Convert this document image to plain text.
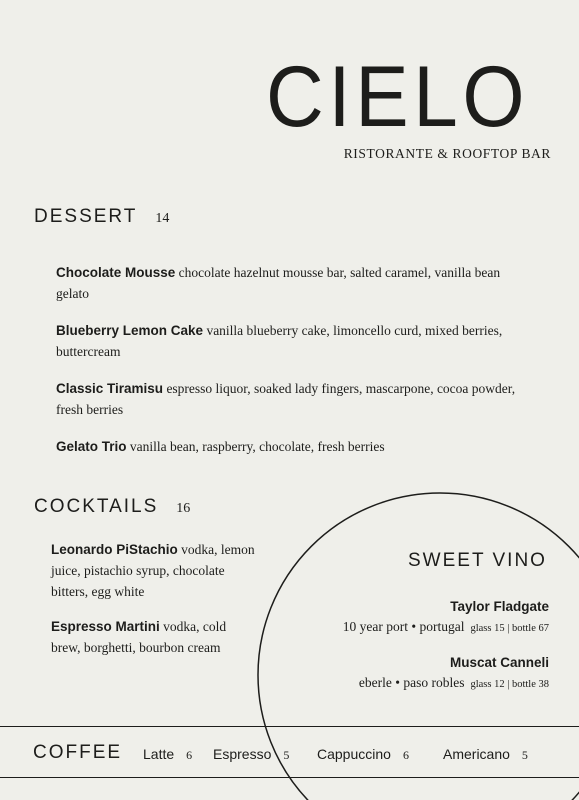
CIELO
RISTORANTE & ROOFTOP BAR
DESSERT 14
Chocolate Mousse chocolate hazelnut mousse bar, salted caramel, vanilla bean gelato
Blueberry Lemon Cake vanilla blueberry cake, limoncello curd, mixed berries, buttercream
Classic Tiramisu espresso liquor, soaked lady fingers, mascarpone, cocoa powder, fresh berries
Gelato Trio vanilla bean, raspberry, chocolate, fresh berries
COCKTAILS 16
Leonardo PiStachio vodka, lemon juice, pistachio syrup, chocolate bitters, egg white
Espresso Martini vodka, cold brew, borghetti, bourbon cream
SWEET VINO
Taylor Fladgate
10 year port • portugal glass 15 | bottle 67
Muscat Canneli
eberle • paso robles glass 12 | bottle 38
COFFEE Latte 6 Espresso 5 Cappuccino 6 Americano 5
